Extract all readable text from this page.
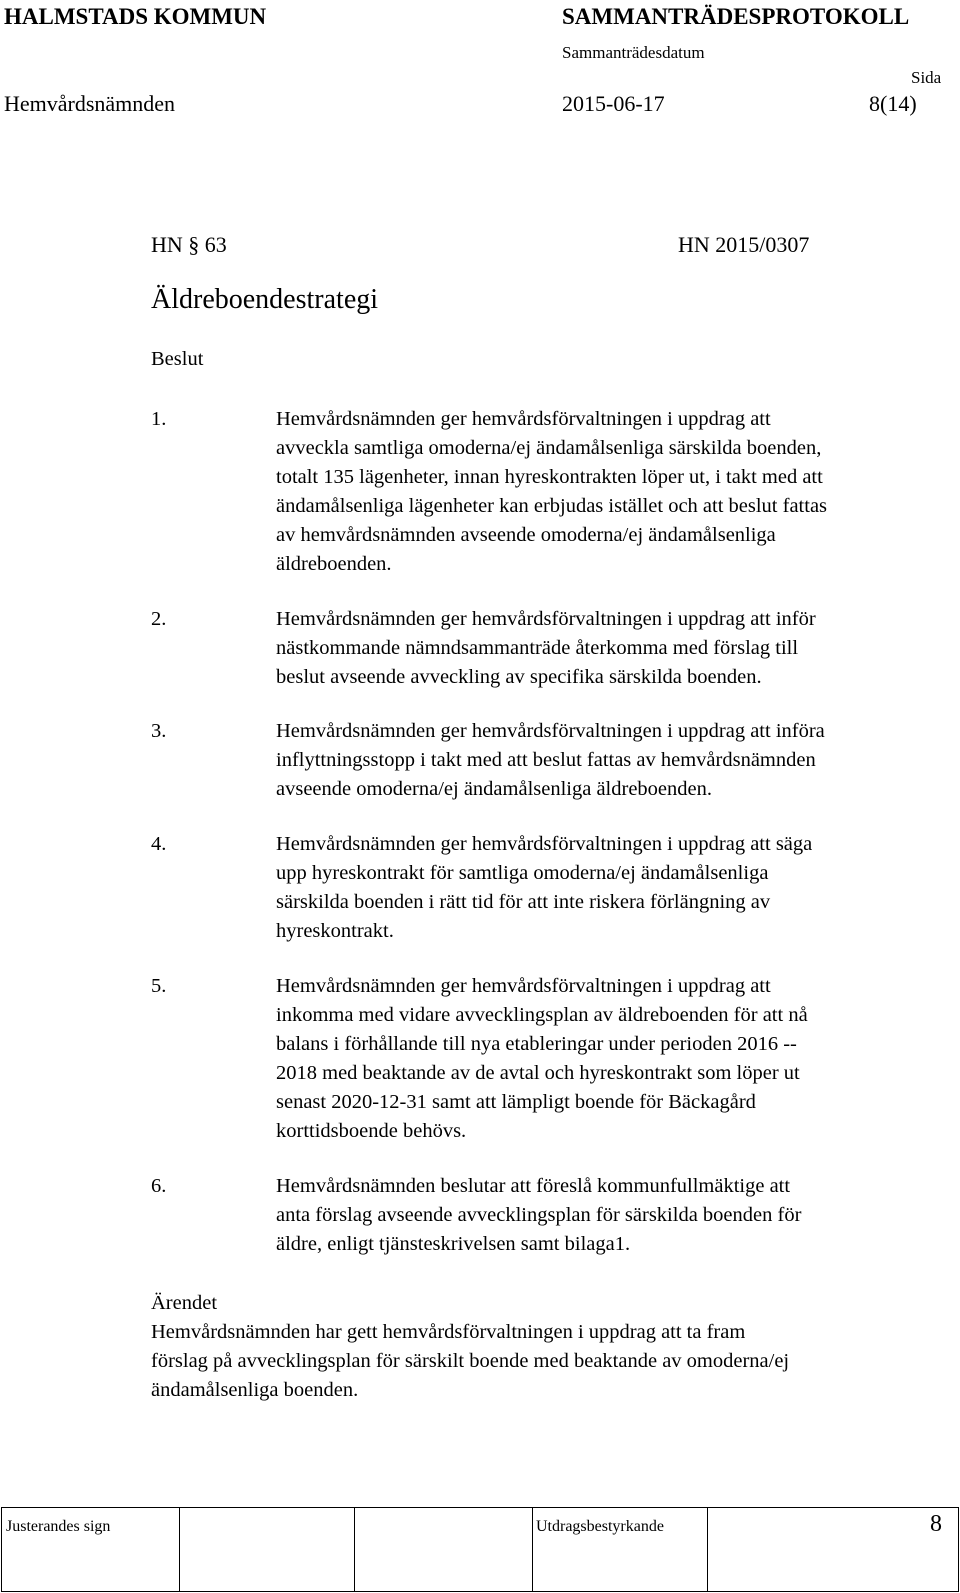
HALMSTADS KOMMUN	SAMMANTRÄDESPROTOKOLL
Sammanträdesdatum
Sida
Hemvårdsnämnden	2015-06-17	8(14)
HN § 63	HN 2015/0307
Äldreboendestrategi
Beslut
1.	Hemvårdsnämnden ger hemvårdsförvaltningen i uppdrag att
avveckla samtliga omoderna/ej ändamålsenliga särskilda boenden,
totalt 135 lägenheter, innan hyreskontrakten löper ut, i takt med att
ändamålsenliga lägenheter kan erbjudas istället och att beslut fattas
av hemvårdsnämnden avseende omoderna/ej ändamålsenliga
äldreboenden.
2.	Hemvårdsnämnden ger hemvårdsförvaltningen i uppdrag att inför
nästkommande nämndsammanträde återkomma med förslag till
beslut avseende avveckling av specifika särskilda boenden.
3.	Hemvårdsnämnden ger hemvårdsförvaltningen i uppdrag att införa
inflyttningsstopp i takt med att beslut fattas av hemvårdsnämnden
avseende omoderna/ej ändamålsenliga äldreboenden.
4.	Hemvårdsnämnden ger hemvårdsförvaltningen i uppdrag att säga
upp hyreskontrakt för samtliga omoderna/ej ändamålsenliga
särskilda boenden i rätt tid för att inte riskera förlängning av
hyreskontrakt.
5.	Hemvårdsnämnden ger hemvårdsförvaltningen i uppdrag att
inkomma med vidare avvecklingsplan av äldreboenden för att nå
balans i förhållande till nya etableringar under perioden 2016 --
2018 med beaktande av de avtal och hyreskontrakt som löper ut
senast 2020-12-31 samt att lämpligt boende för Bäckagård
korttidsboende behövs.
6.	Hemvårdsnämnden beslutar att föreslå kommunfullmäktige att
anta förslag avseende avvecklingsplan för särskilda boenden för
äldre, enligt tjänsteskrivelsen samt bilaga1.
Ärendet
Hemvårdsnämnden har gett hemvårdsförvaltningen i uppdrag att ta fram
förslag på avvecklingsplan för särskilt boende med beaktande av omoderna/ej
ändamålsenliga boenden.
Justerandes sign	Utdragsbestyrkande	8
